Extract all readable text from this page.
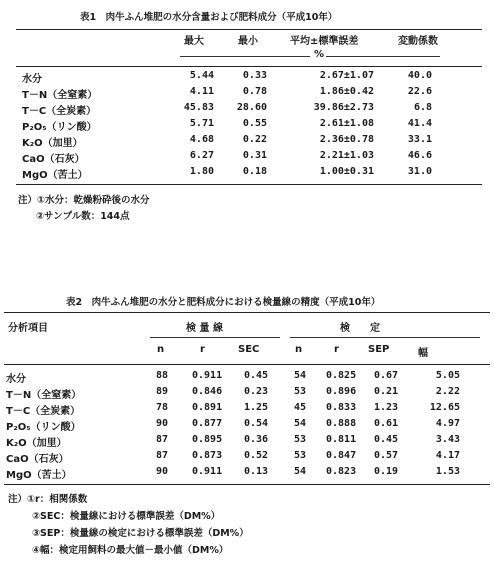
表1　肉牛ふん堆肥の水分含量および肥料成分（平成10年）
最大	最小	平均±標準誤差	変動係数
%
水分	5.44	0.33	2.67±1.07	40.0
T－N（全窒素）	4.11	0.78	1.86±0.42	22.6
T－C（全炭素）	45.83 28.60	39.86±2.73	6.8
P₂O₅（リン酸）	5.71	0.55	2.61±1.08	41.4
K₂O（加里）	4.68	0.22	2.36±0.78	33.1
CaO（石灰）	6.27	0.31	2.21±1.03	46.6
MgO（苦土）	1.80	0.18	1.00±0.31	31.0
注）①水分：乾燥粉砕後の水分
②サンプル数：144点
表2　肉牛ふん堆肥の水分と肥料成分における検量線の精度（平成10年）
分析項目	検 量 線	検　　定
n	r	SEC	n	r	SEP	幅
水分	88 0.911 0.45	54 0.825 0.67	5.05
T－N（全窒素）	89 0.846 0.23	53 0.896 0.21	2.22
T－C（全炭素）	78 0.891 1.25	45 0.833 1.23	12.65
P₂O₅（リン酸）	90 0.877 0.54	54 0.888 0.61	4.97
K₂O（加里）	87 0.895 0.36	53 0.811 0.45	3.43
CaO（石灰）	87 0.873 0.52	53 0.847 0.57	4.17
MgO（苦土）	90 0.911 0.13	54 0.823 0.19	1.53
注）①r：相関係数
②SEC：検量線における標準誤差（DM%）
③SEP：検量線の検定における標準誤差（DM%）
④幅：検定用飼料の最大値－最小値（DM%）
